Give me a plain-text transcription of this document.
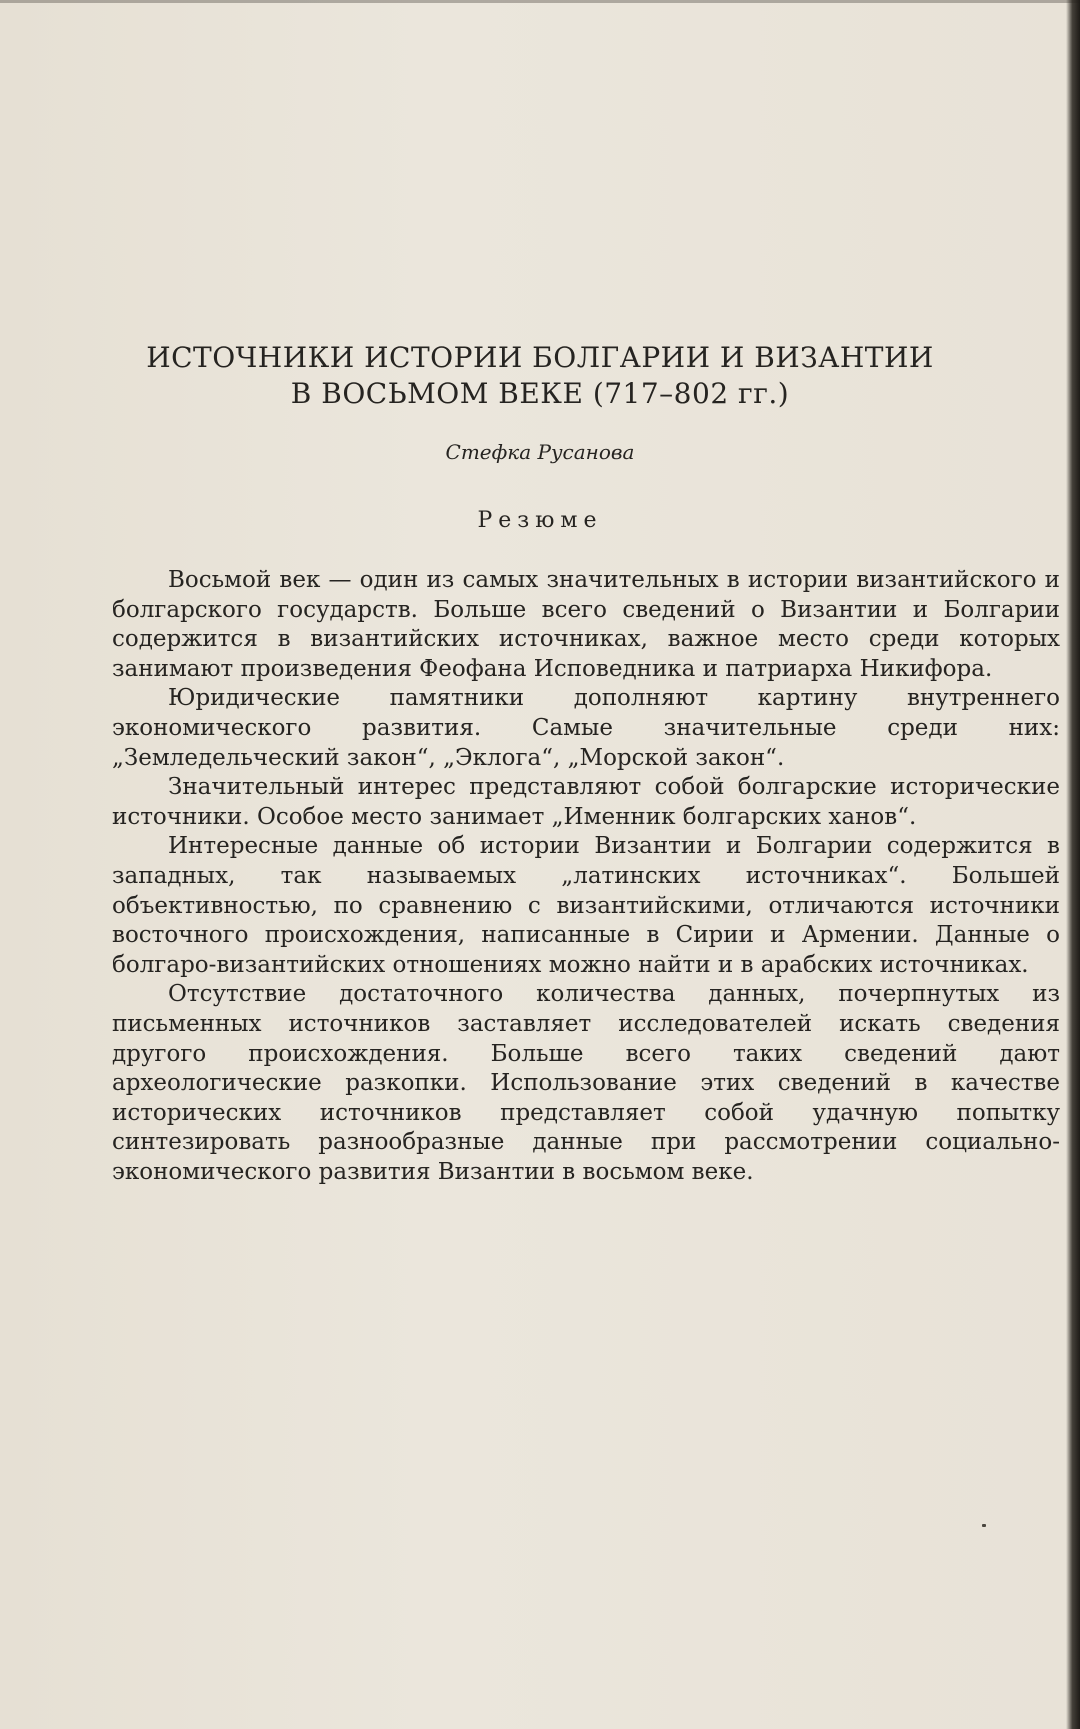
ИСТОЧНИКИ ИСТОРИИ БОЛГАРИИ И ВИЗАНТИИ
В ВОСЬМОМ ВЕКЕ (717–802 гг.)

Стефка Русанова

Резюме

Восьмой век — один из самых значительных в истории византийского и болгарского государств. Больше всего сведений о Византии и Болгарии содержится в византийских источниках, важное место среди которых занимают произведения Феофана Исповедника и патриарха Никифора.

Юридические памятники дополняют картину внутреннего экономического развития. Самые значительные среди них: „Земледельческий закон“, „Эклога“, „Морской закон“.

Значительный интерес представляют собой болгарские исторические источники. Особое место занимает „Именник болгарских ханов“.

Интересные данные об истории Византии и Болгарии содержится в западных, так называемых „латинских источниках“. Большей объективностью, по сравнению с византийскими, отличаются источники восточного происхождения, написанные в Сирии и Армении. Данные о болгаро-византийских отношениях можно найти и в арабских источниках.

Отсутствие достаточного количества данных, почерпнутых из письменных источников заставляет исследователей искать сведения другого происхождения. Больше всего таких сведений дают археологические разкопки. Использование этих сведений в качестве исторических источников представляет собой удачную попытку синтезировать разнообразные данные при рассмотрении социально-экономического развития Византии в восьмом веке.
